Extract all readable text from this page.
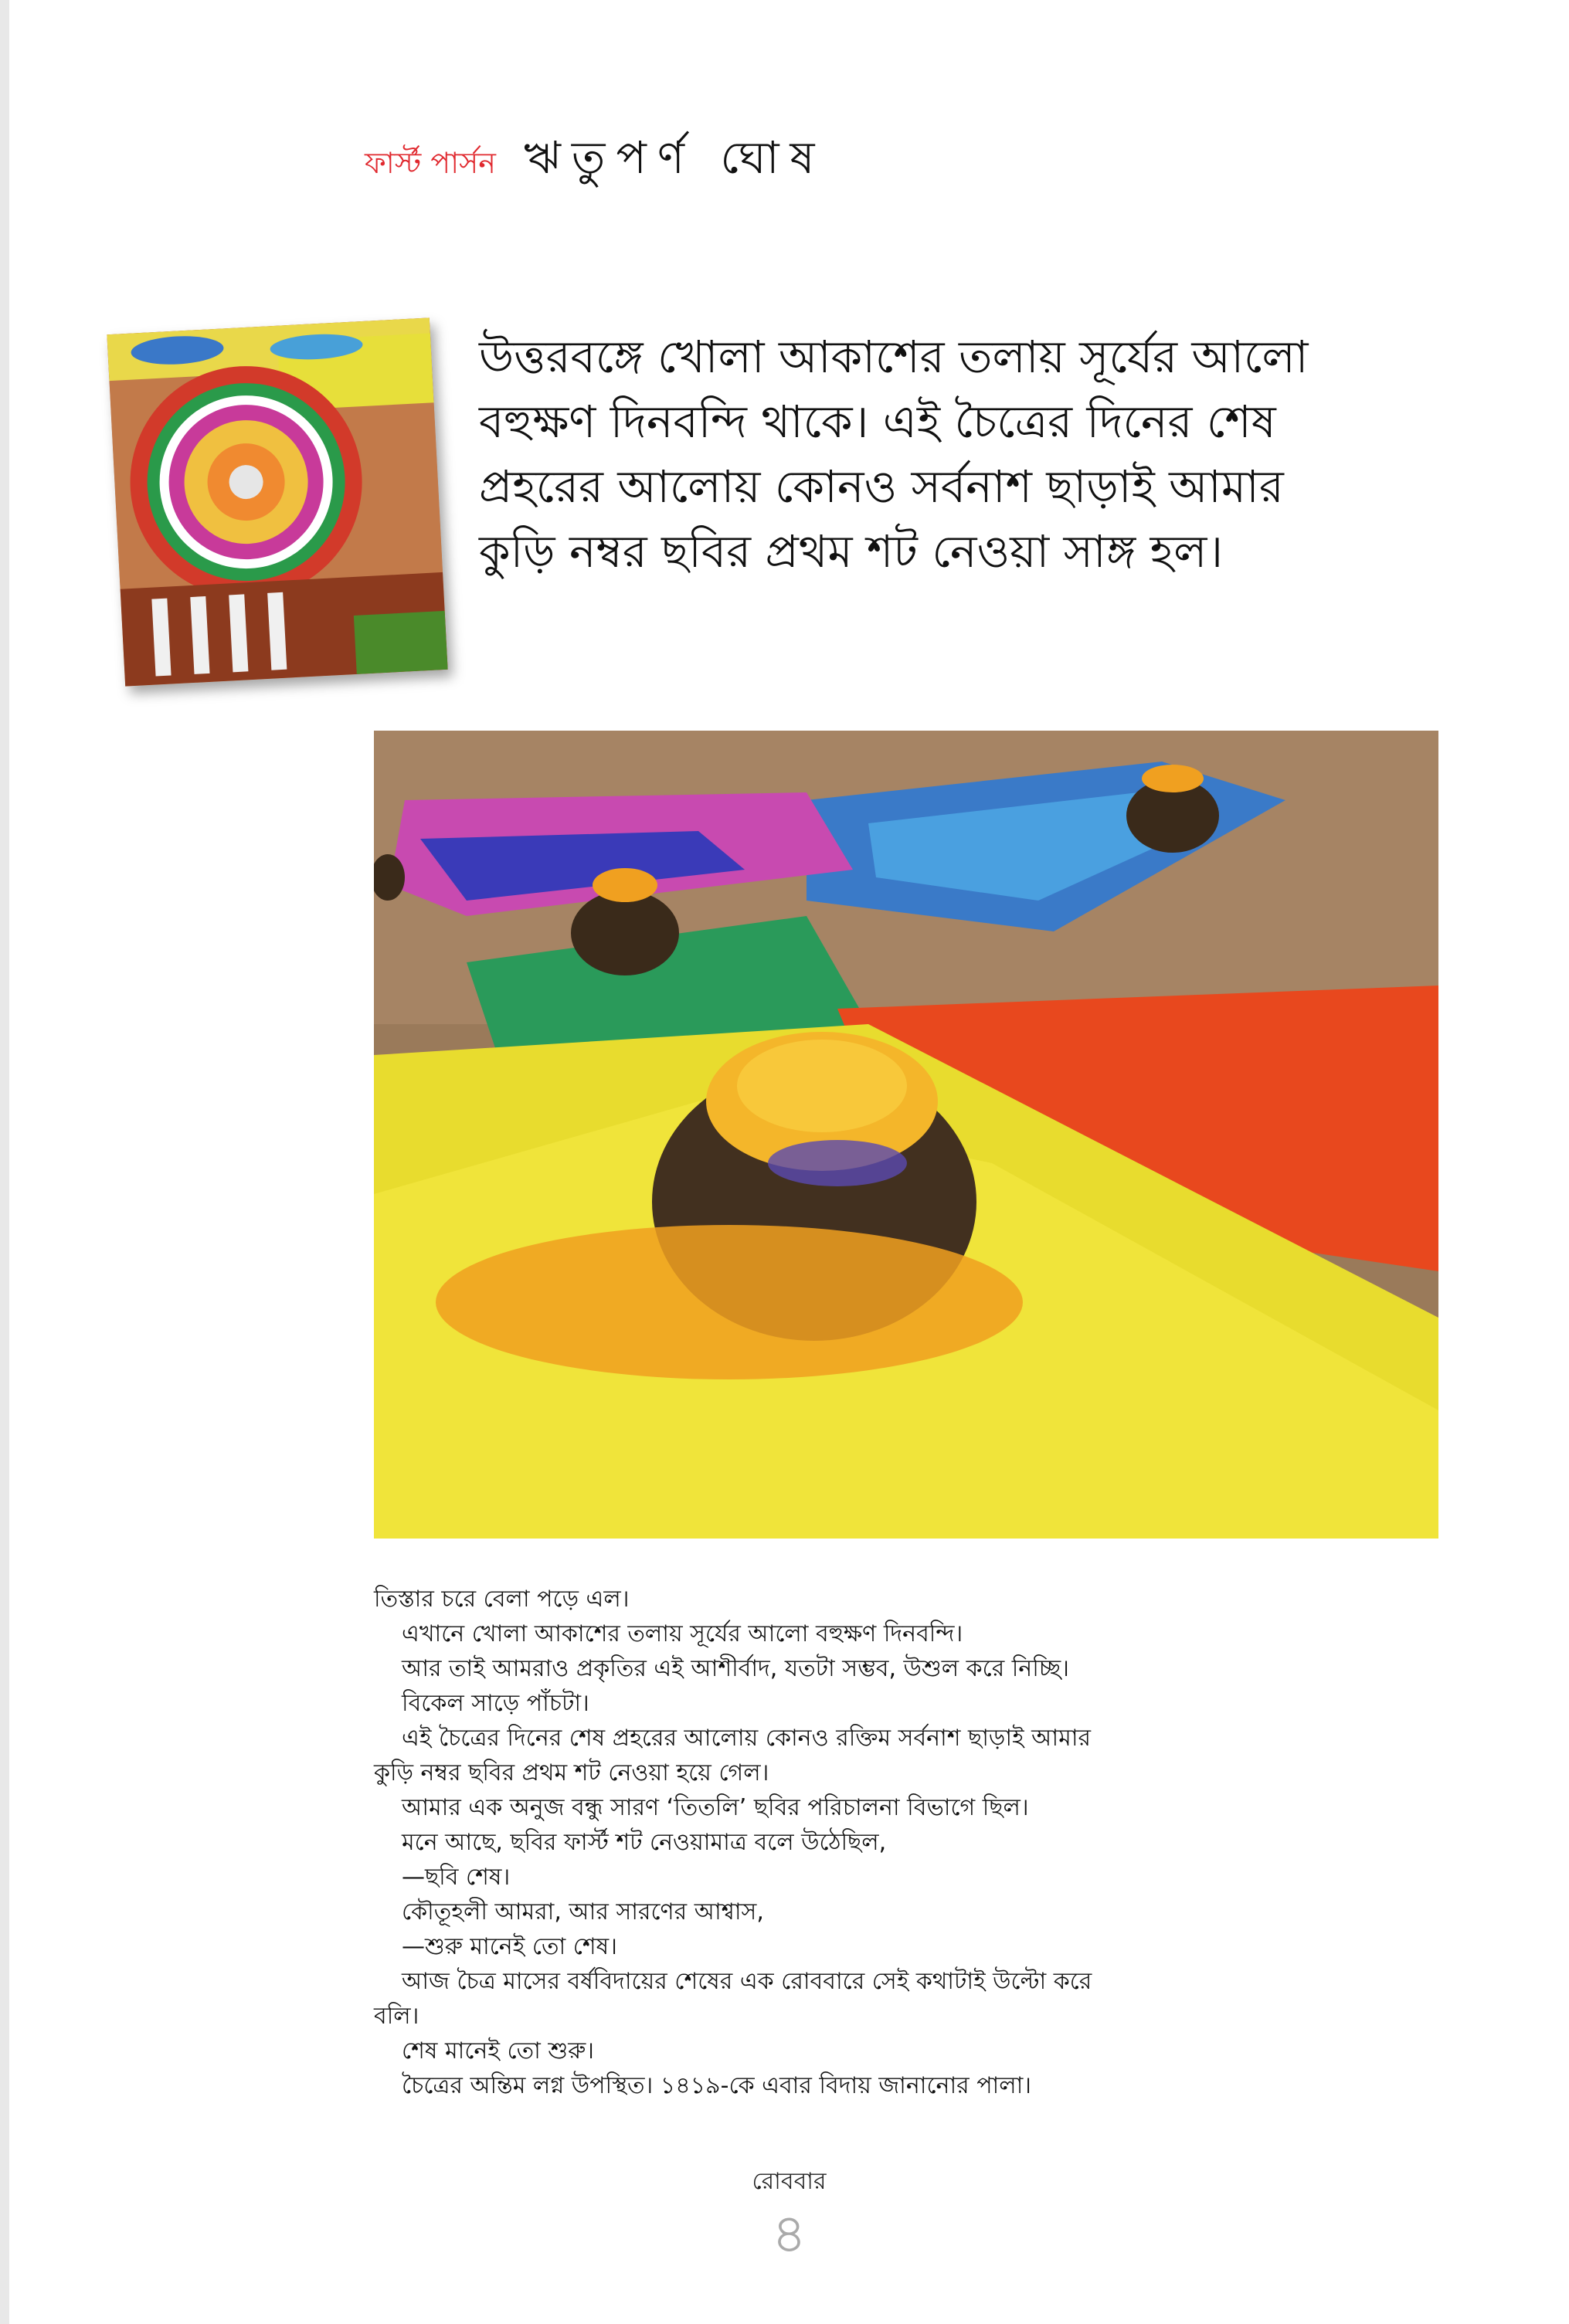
ফার্স্ট পার্সন ঋতুপর্ণ ঘোষ

উত্তরবঙ্গে খোলা আকাশের তলায় সূর্যের আলো

বহুক্ষণ দিনবন্দি থাকে। এই চৈত্রের দিনের শেষ

প্রহরের আলোয় কোনও সর্বনাশ ছাড়াই আমার

কুড়ি নম্বর ছবির প্রথম শট নেওয়া সাঙ্গ হল।

তিস্তার চরে বেলা পড়ে এল।

এখানে খোলা আকাশের তলায় সূর্যের আলো বহুক্ষণ দিনবন্দি।

আর তাই আমরাও প্রকৃতির এই আশীর্বাদ, যতটা সম্ভব, উশুল করে নিচ্ছি।

বিকেল সাড়ে পাঁচটা।

এই চৈত্রের দিনের শেষ প্রহরের আলোয় কোনও রক্তিম সর্বনাশ ছাড়াই আমার কুড়ি নম্বর ছবির প্রথম শট নেওয়া হয়ে গেল।

আমার এক অনুজ বন্ধু সারণ ‘তিতলি’ ছবির পরিচালনা বিভাগে ছিল।

মনে আছে, ছবির ফার্স্ট শট নেওয়ামাত্র বলে উঠেছিল,

—ছবি শেষ।

কৌতূহলী আমরা, আর সারণের আশ্বাস,

—শুরু মানেই তো শেষ।

আজ চৈত্র মাসের বর্ষবিদায়ের শেষের এক রোববারে সেই কথাটাই উল্টো করে বলি।

শেষ মানেই তো শুরু।

চৈত্রের অন্তিম লগ্ন উপস্থিত। ১৪১৯-কে এবার বিদায় জানানোর পালা।

রোববার
৪
